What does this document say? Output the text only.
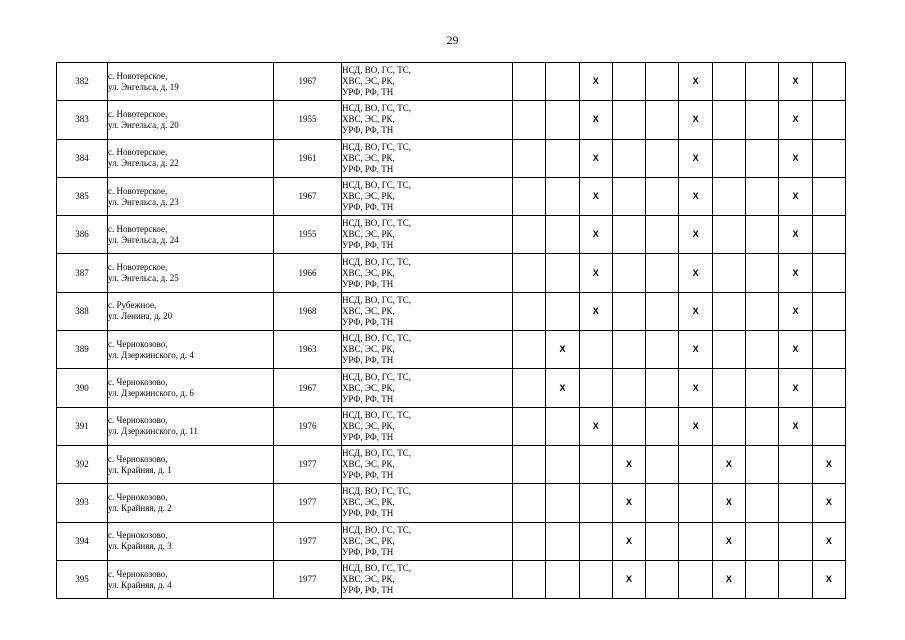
29
382	с. Новотерское,
ул. Энгельса, д. 19	1967	НСД, ВО, ГС, ТС,
ХВС, ЭС, РК,
УРФ, РФ, ТН			X			X			X	
383	с. Новотерское,
ул. Энгельса, д. 20	1955	НСД, ВО, ГС, ТС,
ХВС, ЭС, РК,
УРФ, РФ, ТН			X			X			X	
384	с. Новотерское,
ул. Энгельса, д. 22	1961	НСД, ВО, ГС, ТС,
ХВС, ЭС, РК,
УРФ, РФ, ТН			X			X			X	
385	с. Новотерское,
ул. Энгельса, д. 23	1967	НСД, ВО, ГС, ТС,
ХВС, ЭС, РК,
УРФ, РФ, ТН			X			X			X	
386	с. Новотерское,
ул. Энгельса, д. 24	1955	НСД, ВО, ГС, ТС,
ХВС, ЭС, РК,
УРФ, РФ, ТН			X			X			X	
387	с. Новотерское,
ул. Энгельса, д. 25	1966	НСД, ВО, ГС, ТС,
ХВС, ЭС, РК,
УРФ, РФ, ТН			X			X			X	
388	с. Рубежное,
ул. Ленина, д. 20	1968	НСД, ВО, ГС, ТС,
ХВС, ЭС, РК,
УРФ, РФ, ТН			X			X			X	
389	с. Чернокозово,
ул. Дзержинского, д. 4	1963	НСД, ВО, ГС, ТС,
ХВС, ЭС, РК,
УРФ, РФ, ТН		X				X			X	
390	с. Чернокозово,
ул. Дзержинского, д. 6	1967	НСД, ВО, ГС, ТС,
ХВС, ЭС, РК,
УРФ, РФ, ТН		X				X			X	
391	с. Чернокозово,
ул. Дзержинского, д. 11	1976	НСД, ВО, ГС, ТС,
ХВС, ЭС, РК,
УРФ, РФ, ТН			X			X			X	
392	с. Чернокозово,
ул. Крайняя, д. 1	1977	НСД, ВО, ГС, ТС,
ХВС, ЭС, РК,
УРФ, РФ, ТН				X			X			X
393	с. Чернокозово,
ул. Крайняя, д. 2	1977	НСД, ВО, ГС, ТС,
ХВС, ЭС, РК,
УРФ, РФ, ТН				X			X			X
394	с. Чернокозово,
ул. Крайняя, д. 3	1977	НСД, ВО, ГС, ТС,
ХВС, ЭС, РК,
УРФ, РФ, ТН				X			X			X
395	с. Чернокозово,
ул. Крайняя, д. 4	1977	НСД, ВО, ГС, ТС,
ХВС, ЭС, РК,
УРФ, РФ, ТН				X			X			X
